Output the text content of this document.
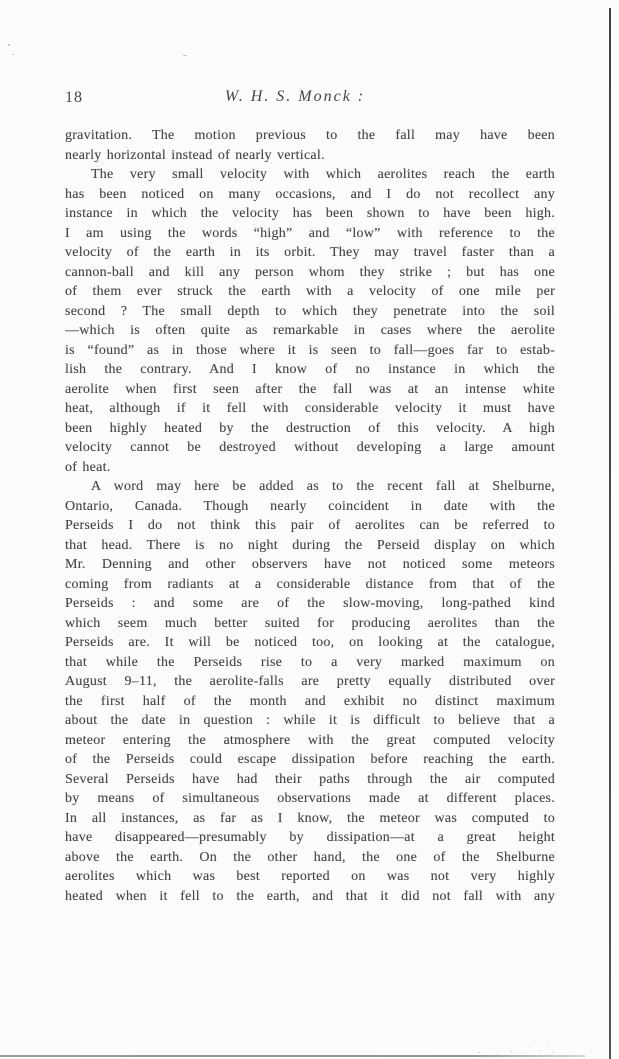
18	W. H. S. Monck :
gravitation. The motion previous to the fall may have been
nearly horizontal instead of nearly vertical.
The very small velocity with which aerolites reach the earth
has been noticed on many occasions, and I do not recollect any
instance in which the velocity has been shown to have been high.
I am using the words “high” and “low” with reference to the
velocity of the earth in its orbit. They may travel faster than a
cannon-ball and kill any person whom they strike ; but has one
of them ever struck the earth with a velocity of one mile per
second ? The small depth to which they penetrate into the soil
—which is often quite as remarkable in cases where the aerolite
is “found” as in those where it is seen to fall—goes far to estab-
lish the contrary. And I know of no instance in which the
aerolite when first seen after the fall was at an intense white
heat, although if it fell with considerable velocity it must have
been highly heated by the destruction of this velocity. A high
velocity cannot be destroyed without developing a large amount
of heat.
A word may here be added as to the recent fall at Shelburne,
Ontario, Canada. Though nearly coincident in date with the
Perseids I do not think this pair of aerolites can be referred to
that head. There is no night during the Perseid display on which
Mr. Denning and other observers have not noticed some meteors
coming from radiants at a considerable distance from that of the
Perseids : and some are of the slow-moving, long-pathed kind
which seem much better suited for producing aerolites than the
Perseids are. It will be noticed too, on looking at the catalogue,
that while the Perseids rise to a very marked maximum on
August 9–11, the aerolite-falls are pretty equally distributed over
the first half of the month and exhibit no distinct maximum
about the date in question : while it is difficult to believe that a
meteor entering the atmosphere with the great computed velocity
of the Perseids could escape dissipation before reaching the earth.
Several Perseids have had their paths through the air computed
by means of simultaneous observations made at different places.
In all instances, as far as I know, the meteor was computed to
have disappeared—presumably by dissipation—at a great height
above the earth. On the other hand, the one of the Shelburne
aerolites which was best reported on was not very highly
heated when it fell to the earth, and that it did not fall with any
